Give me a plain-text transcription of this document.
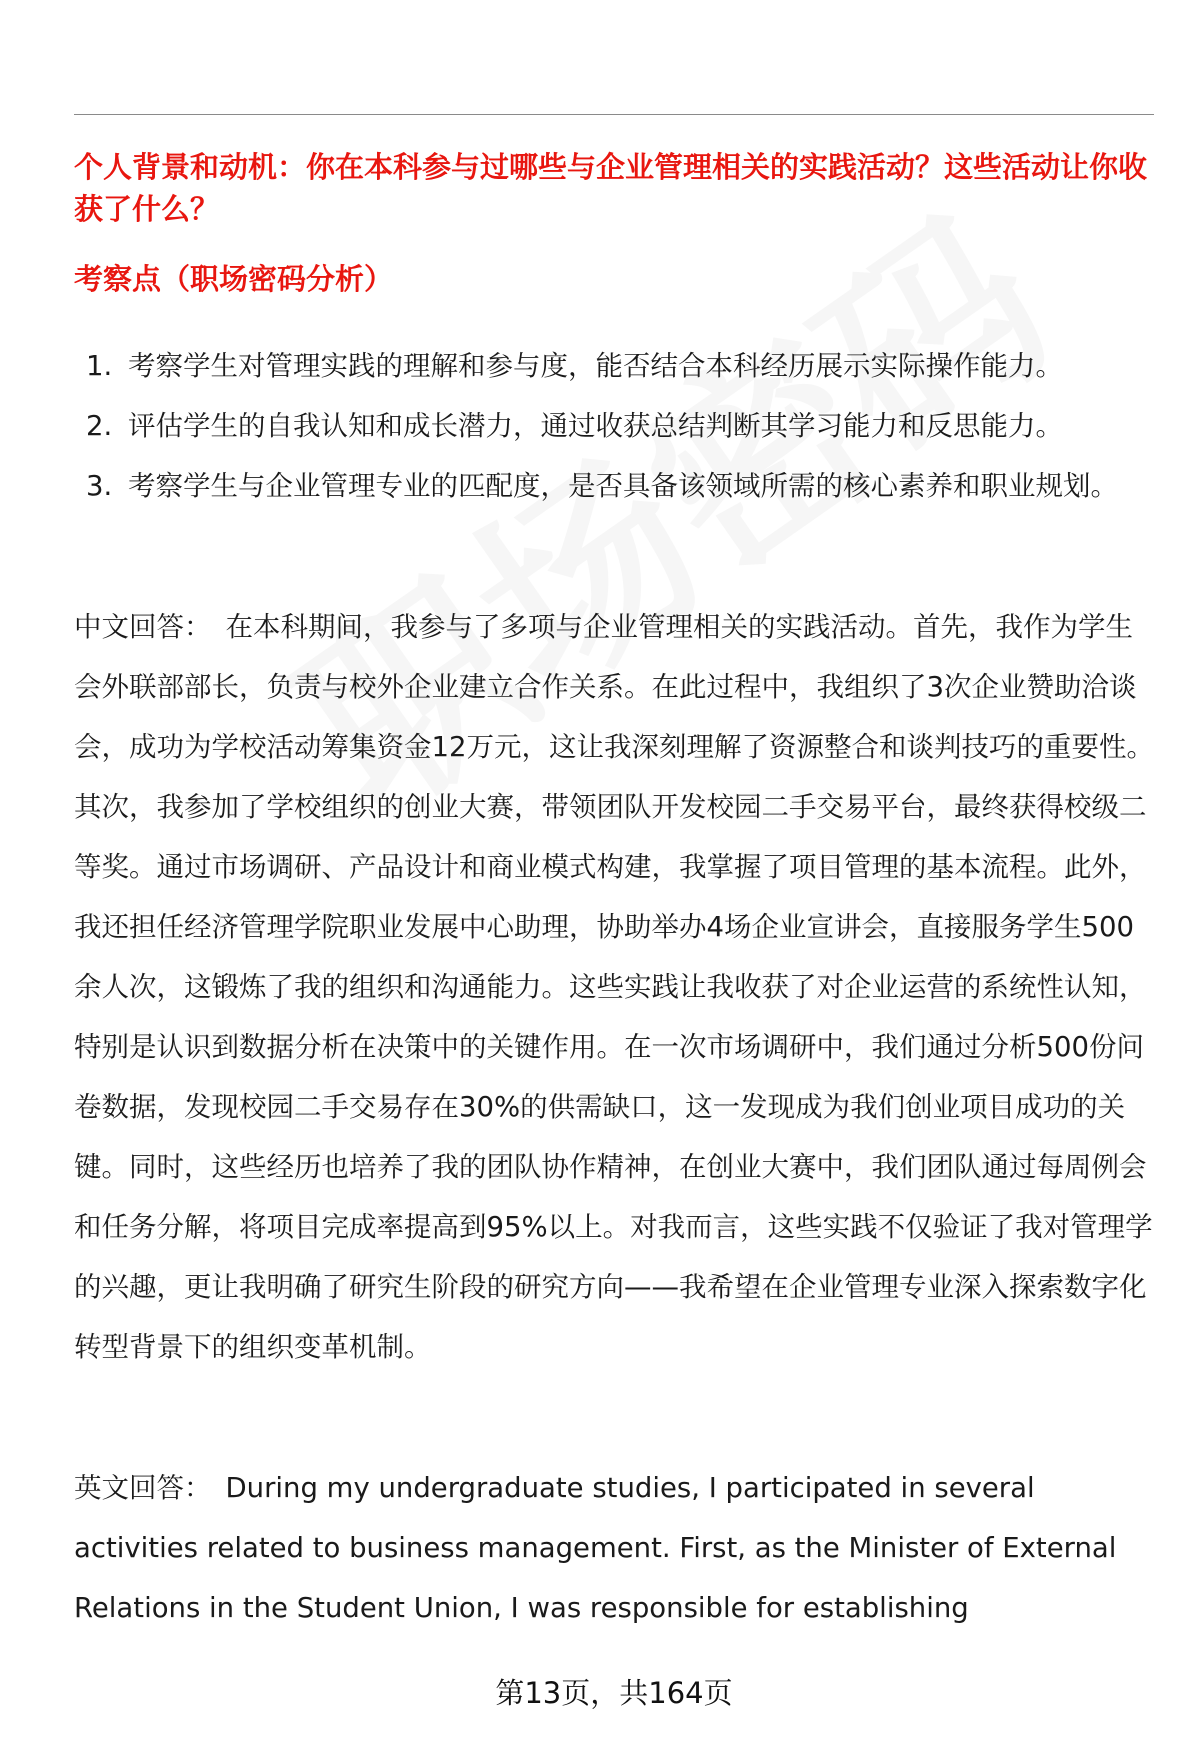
个人背景和动机：你在本科参与过哪些与企业管理相关的实践活动？这些活动让你收获了什么？
考察点（职场密码分析）
1. 考察学生对管理实践的理解和参与度，能否结合本科经历展示实际操作能力。
2. 评估学生的自我认知和成长潜力，通过收获总结判断其学习能力和反思能力。
3. 考察学生与企业管理专业的匹配度，是否具备该领域所需的核心素养和职业规划。

中文回答： 在本科期间，我参与了多项与企业管理相关的实践活动。首先，我作为学生会外联部部长，负责与校外企业建立合作关系。在此过程中，我组织了3次企业赞助洽谈会，成功为学校活动筹集资金12万元，这让我深刻理解了资源整合和谈判技巧的重要性。其次，我参加了学校组织的创业大赛，带领团队开发校园二手交易平台，最终获得校级二等奖。通过市场调研、产品设计和商业模式构建，我掌握了项目管理的基本流程。此外，我还担任经济管理学院职业发展中心助理，协助举办4场企业宣讲会，直接服务学生500余人次，这锻炼了我的组织和沟通能力。这些实践让我收获了对企业运营的系统性认知，特别是认识到数据分析在决策中的关键作用。在一次市场调研中，我们通过分析500份问卷数据，发现校园二手交易存在30%的供需缺口，这一发现成为我们创业项目成功的关键。同时，这些经历也培养了我的团队协作精神，在创业大赛中，我们团队通过每周例会和任务分解，将项目完成率提高到95%以上。对我而言，这些实践不仅验证了我对管理学的兴趣，更让我明确了研究生阶段的研究方向——我希望在企业管理专业深入探索数字化转型背景下的组织变革机制。

英文回答： During my undergraduate studies, I participated in several activities related to business management. First, as the Minister of External Relations in the Student Union, I was responsible for establishing

第13页，共164页
